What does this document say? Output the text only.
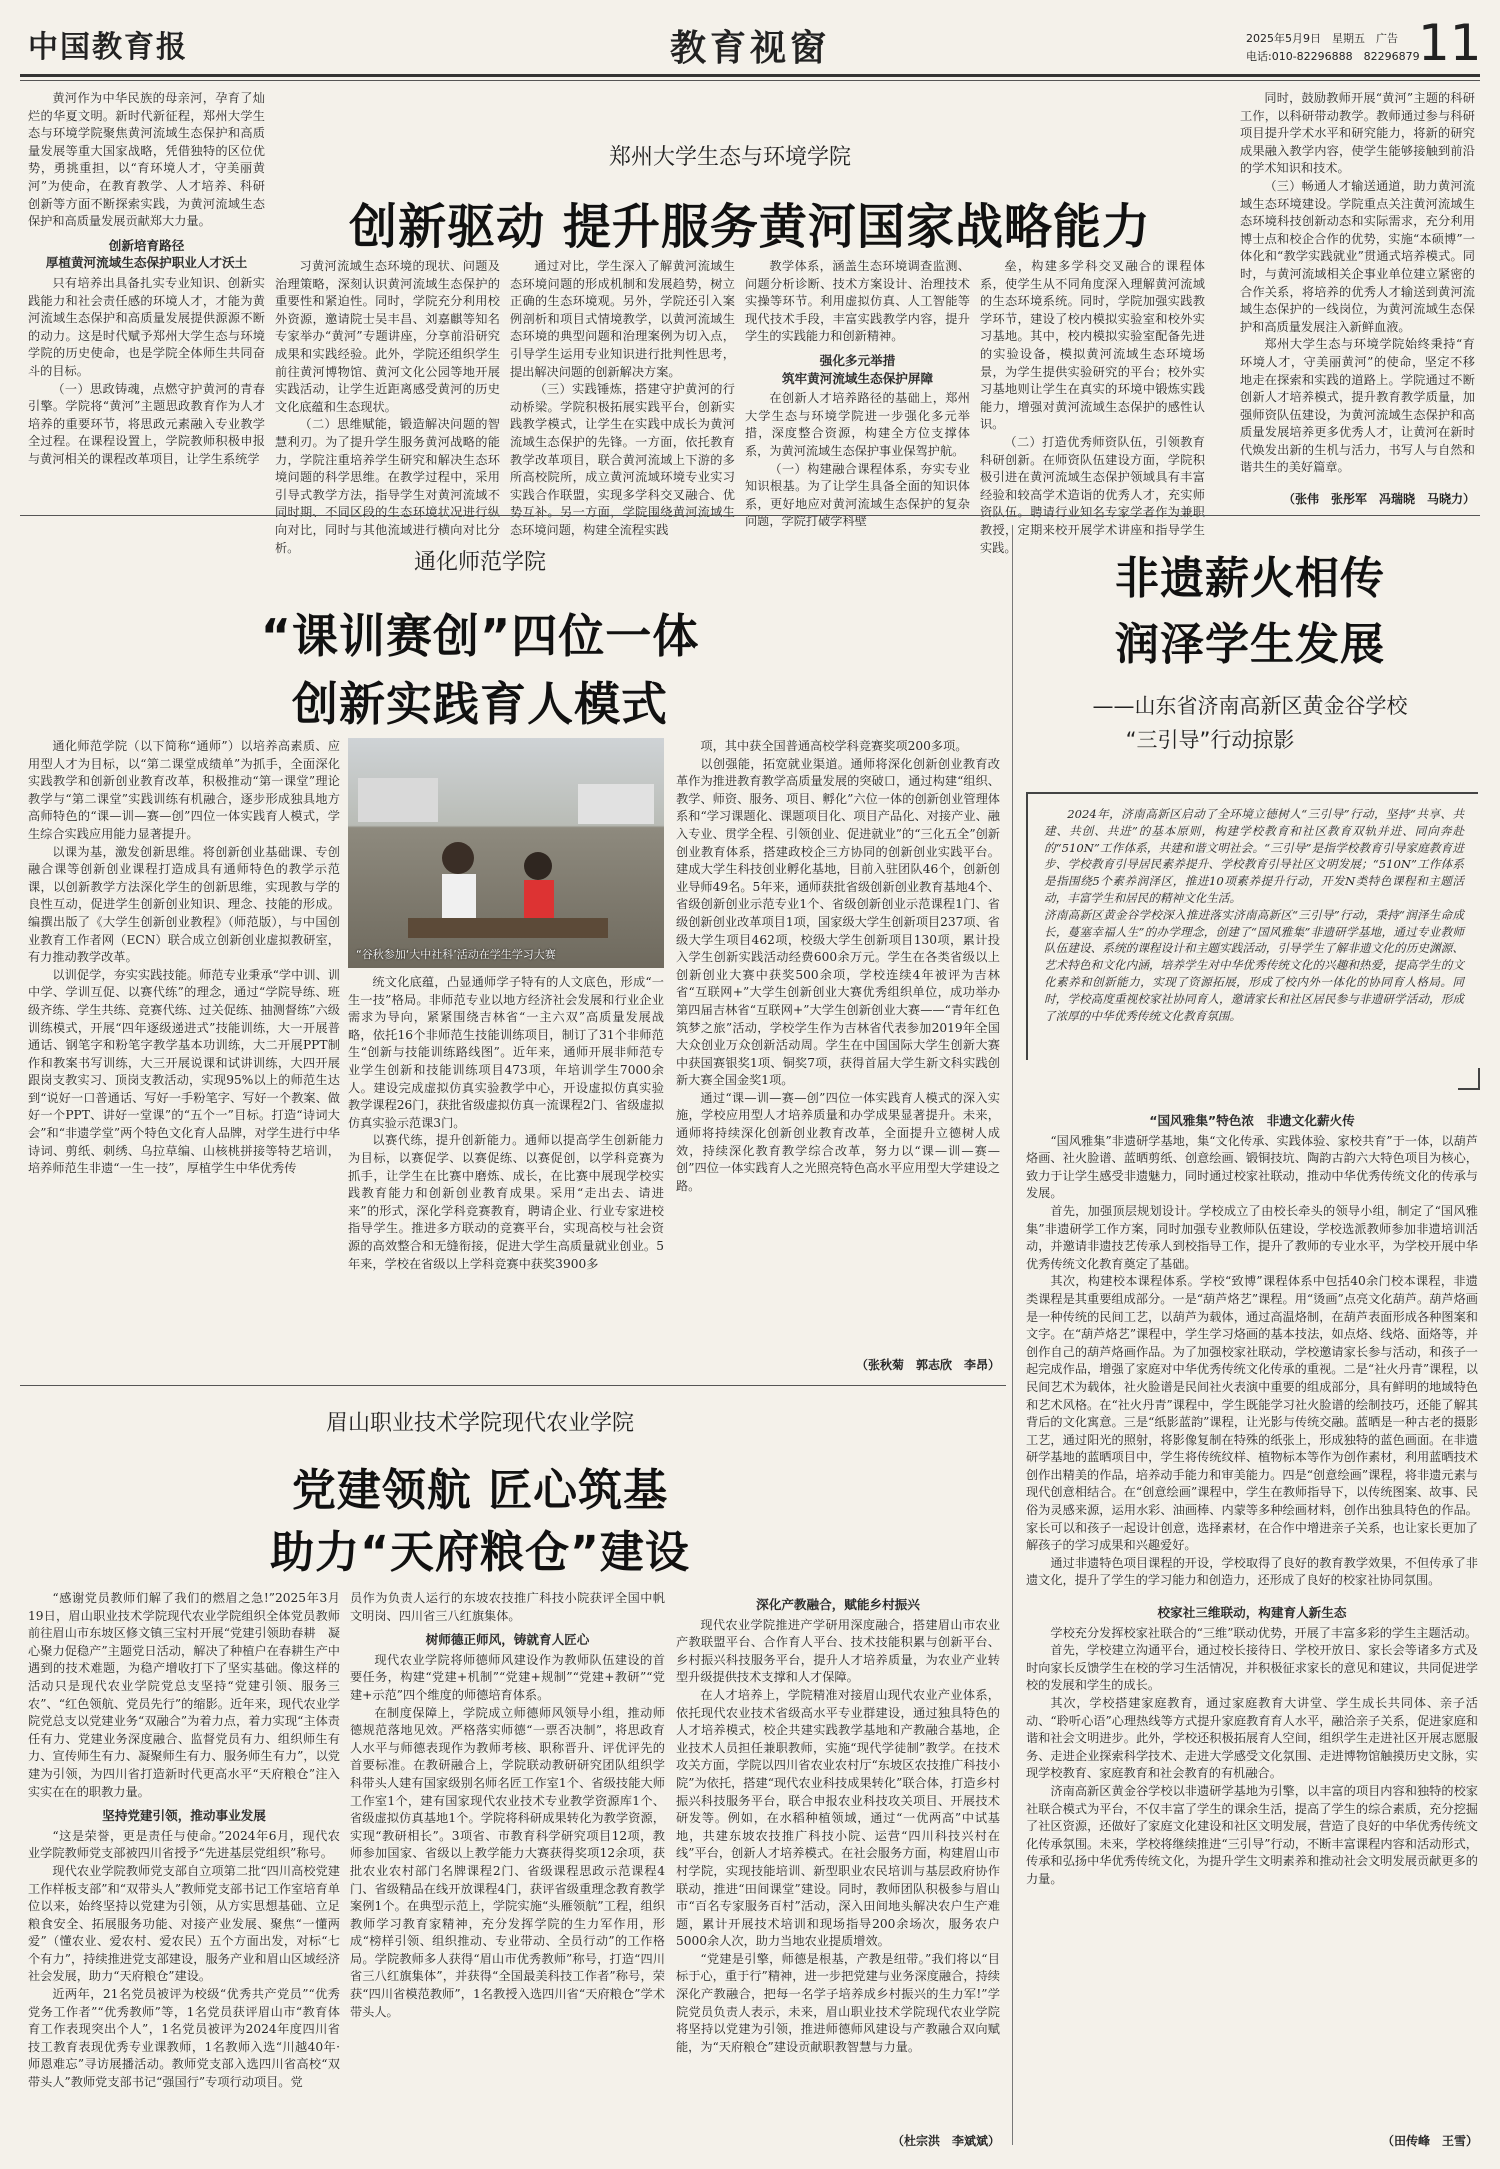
中国教育报	教育视窗	2025年5月9日　星期五　广告
电话:010-82296888　82296879
11
郑州大学生态与环境学院
创新驱动 提升服务黄河国家战略能力

黄河作为中华民族的母亲河，孕育了灿烂的华夏文明。新时代新征程，郑州大学生态与环境学院聚焦黄河流域生态保护和高质量发展等重大国家战略，凭借独特的区位优势，勇挑重担，以“育环境人才，守美丽黄河”为使命，在教育教学、人才培养、科研创新等方面不断探索实践，为黄河流域生态保护和高质量发展贡献郑大力量。

创新培育路径
厚植黄河流域生态保护职业人才沃土

只有培养出具备扎实专业知识、创新实践能力和社会责任感的环境人才，才能为黄河流域生态保护和高质量发展提供源源不断的动力。这是时代赋予郑州大学生态与环境学院的历史使命，也是学院全体师生共同奋斗的目标。

（一）思政铸魂，点燃守护黄河的青春引擎。学院将“黄河”主题思政教育作为人才培养的重要环节，将思政元素融入专业教学全过程。在课程设置上，学院教师积极申报与黄河相关的课程改革项目，让学生系统学

习黄河流域生态环境的现状、问题及治理策略，深刻认识黄河流域生态保护的重要性和紧迫性。同时，学院充分利用校外资源，邀请院士吴丰昌、刘嘉麒等知名专家举办“黄河”专题讲座，分享前沿研究成果和实践经验。此外，学院还组织学生前往黄河博物馆、黄河文化公园等地开展实践活动，让学生近距离感受黄河的历史文化底蕴和生态现状。

（二）思维赋能，锻造解决问题的智慧利刃。为了提升学生服务黄河战略的能力，学院注重培养学生研究和解决生态环境问题的科学思维。在教学过程中，采用引导式教学方法，指导学生对黄河流域不同时期、不同区段的生态环境状况进行纵向对比，同时与其他流域进行横向对比分析。

通过对比，学生深入了解黄河流域生态环境问题的形成机制和发展趋势，树立正确的生态环境观。另外，学院还引入案例剖析和项目式情境教学，以黄河流域生态环境的典型问题和治理案例为切入点，引导学生运用专业知识进行批判性思考，提出解决问题的创新解决方案。

（三）实践锤炼，搭建守护黄河的行动桥梁。学院积极拓展实践平台，创新实践教学模式，让学生在实践中成长为黄河流域生态保护的先锋。一方面，依托教育教学改革项目，联合黄河流域上下游的多所高校院所，成立黄河流域环境专业实习实践合作联盟，实现多学科交叉融合、优势互补。另一方面，学院围绕黄河流域生态环境问题，构建全流程实践

教学体系，涵盖生态环境调查监测、问题分析诊断、技术方案设计、治理技术实操等环节。利用虚拟仿真、人工智能等现代技术手段，丰富实践教学内容，提升学生的实践能力和创新精神。

强化多元举措
筑牢黄河流域生态保护屏障

在创新人才培养路径的基础上，郑州大学生态与环境学院进一步强化多元举措，深度整合资源，构建全方位支撑体系，为黄河流域生态保护事业保驾护航。

（一）构建融合课程体系，夯实专业知识根基。为了让学生具备全面的知识体系，更好地应对黄河流域生态保护的复杂问题，学院打破学科壁

垒，构建多学科交叉融合的课程体系，使学生从不同角度深入理解黄河流域的生态环境系统。同时，学院加强实践教学环节，建设了校内模拟实验室和校外实习基地。其中，校内模拟实验室配备先进的实验设备，模拟黄河流域生态环境场景，为学生提供实验研究的平台；校外实习基地则让学生在真实的环境中锻炼实践能力，增强对黄河流域生态保护的感性认识。

（二）打造优秀师资队伍，引领教育科研创新。在师资队伍建设方面，学院积极引进在黄河流域生态保护领域具有丰富经验和较高学术造诣的优秀人才，充实师资队伍。聘请行业知名专家学者作为兼职教授，定期来校开展学术讲座和指导学生实践。

同时，鼓励教师开展“黄河”主题的科研工作，以科研带动教学。教师通过参与科研项目提升学术水平和研究能力，将新的研究成果融入教学内容，使学生能够接触到前沿的学术知识和技术。

（三）畅通人才输送通道，助力黄河流域生态环境建设。学院重点关注黄河流域生态环境科技创新动态和实际需求，充分利用博士点和校企合作的优势，实施“本硕博”一体化和“教学实践就业”贯通式培养模式。同时，与黄河流域相关企事业单位建立紧密的合作关系，将培养的优秀人才输送到黄河流域生态保护的一线岗位，为黄河流域生态保护和高质量发展注入新鲜血液。

郑州大学生态与环境学院始终秉持“育环境人才，守美丽黄河”的使命，坚定不移地走在探索和实践的道路上。学院通过不断创新人才培养模式，提升教育教学质量，加强师资队伍建设，为黄河流域生态保护和高质量发展培养更多优秀人才，让黄河在新时代焕发出新的生机与活力，书写人与自然和谐共生的美好篇章。

（张伟　张彤军　冯瑞晓　马晓力）
通化师范学院
“课训赛创”四位一体
创新实践育人模式

通化师范学院（以下简称“通师”）以培养高素质、应用型人才为目标，以“第二课堂成绩单”为抓手，全面深化实践教学和创新创业教育改革，积极推动“第一课堂”理论教学与“第二课堂”实践训练有机融合，逐步形成独具地方高师特色的“课—训—赛—创”四位一体实践育人模式，学生综合实践应用能力显著提升。

以课为基，激发创新思维。将创新创业基础课、专创融合课等创新创业课程打造成具有通师特色的教学示范课，以创新教学方法深化学生的创新思维，实现教与学的良性互动，促进学生创新创业知识、理念、技能的形成。编撰出版了《大学生创新创业教程》（师范版），与中国创业教育工作者网（ECN）联合成立创新创业虚拟教研室，有力推动教学改革。

以训促学，夯实实践技能。师范专业秉承“学中训、训中学、学训互促、以赛代练”的理念，通过“学院导练、班级齐练、学生共练、竞赛代练、过关促练、抽测督练”六级训练模式，开展“四年逐级递进式”技能训练，大一开展普通话、钢笔字和粉笔字教学基本功训练，大二开展PPT制作和教案书写训练，大三开展说课和试讲训练，大四开展跟岗支教实习、顶岗支教活动，实现95%以上的师范生达到“说好一口普通话、写好一手粉笔字、写好一个教案、做好一个PPT、讲好一堂课”的“五个一”目标。打造“诗词大会”和“非遗学堂”两个特色文化育人品牌，对学生进行中华诗词、剪纸、刺绣、乌拉草编、山核桃拼接等特艺培训，培养师范生非遗“一生一技”，厚植学生中华优秀传

“谷秋参加‘大中社科’活动在学生学习大赛

统文化底蕴，凸显通师学子特有的人文底色，形成“一生一技”格局。非师范专业以地方经济社会发展和行业企业需求为导向，紧紧围绕吉林省“一主六双”高质量发展战略，依托16个非师范生技能训练项目，制订了31个非师范生“创新与技能训练路线图”。近年来，通师开展非师范专业学生创新和技能训练项目473项，年培训学生7000余人。建设完成虚拟仿真实验教学中心，开设虚拟仿真实验教学课程26门，获批省级虚拟仿真一流课程2门、省级虚拟仿真实验示范课3门。

以赛代练，提升创新能力。通师以提高学生创新能力为目标，以赛促学、以赛促练、以赛促创，以学科竞赛为抓手，让学生在比赛中磨炼、成长，在比赛中展现学校实践教育能力和创新创业教育成果。采用“走出去、请进来”的形式，深化学科竞赛教育，聘请企业、行业专家进校指导学生。推进多方联动的竞赛平台，实现高校与社会资源的高效整合和无缝衔接，促进大学生高质量就业创业。5年来，学校在省级以上学科竞赛中获奖3900多

项，其中获全国普通高校学科竞赛奖项200多项。

以创强能，拓宽就业渠道。通师将深化创新创业教育改革作为推进教育教学高质量发展的突破口，通过构建“组织、教学、师资、服务、项目、孵化”六位一体的创新创业管理体系和“学习课题化、课题项目化、项目产品化、对接产业、融入专业、贯学全程、引领创业、促进就业”的“三化五全”创新创业教育体系，搭建政校企三方协同的创新创业实践平台。建成大学生科技创业孵化基地，目前入驻团队46个，创新创业导师49名。5年来，通师获批省级创新创业教育基地4个、省级创新创业示范专业1个、省级创新创业示范课程1门、省级创新创业改革项目1项，国家级大学生创新项目237项、省级大学生项目462项，校级大学生创新项目130项，累计投入学生创新实践活动经费600余万元。学生在各类省级以上创新创业大赛中获奖500余项，学校连续4年被评为吉林省“互联网+”大学生创新创业大赛优秀组织单位，成功举办第四届吉林省“互联网+”大学生创新创业大赛——“青年红色筑梦之旅”活动，学校学生作为吉林省代表参加2019年全国大众创业万众创新活动周。学生在中国国际大学生创新大赛中获国赛银奖1项、铜奖7项，获得首届大学生新文科实践创新大赛全国金奖1项。

通过“课—训—赛—创”四位一体实践育人模式的深入实施，学校应用型人才培养质量和办学成果显著提升。未来，通师将持续深化创新创业教育改革，全面提升立德树人成效，持续深化教育教学综合改革，努力以“课—训—赛—创”四位一体实践育人之光照亮特色高水平应用型大学建设之路。

（张秋菊　郭志欣　李昂）
非遗薪火相传
润泽学生发展
——山东省济南高新区黄金谷学校
“三引导”行动掠影
2024年，济南高新区启动了全环境立德树人“三引导”行动，坚持“共享、共建、共创、共进”的基本原则，构建学校教育和社区教育双轨并进、同向奔赴的“510N”工作体系，共建和谐文明社会。“三引导”是指学校教育引导家庭教育进步、学校教育引导居民素养提升、学校教育引导社区文明发展；“510N”工作体系是指围绕5个素养润泽区，推进10项素养提升行动，开发N类特色课程和主题活动，丰富学生和居民的精神文化生活。
济南高新区黄金谷学校深入推进落实济南高新区“三引导”行动，秉持“润泽生命成长，蔓塞幸福人生”的办学理念，创建了“国风雅集”非遗研学基地，通过专业教师队伍建设、系统的课程设计和主题实践活动，引导学生了解非遗文化的历史渊源、艺术特色和文化内涵，培养学生对中华优秀传统文化的兴趣和热爱，提高学生的文化素养和创新能力，实现了资源拓展，形成了校内外一体化的协同育人格局。同时，学校高度重视校家社协同育人，邀请家长和社区居民参与非遗研学活动，形成了浓厚的中华优秀传统文化教育氛围。
“国风雅集”特色浓　非遗文化薪火传

“国风雅集”非遗研学基地，集“文化传承、实践体验、家校共育”于一体，以葫芦烙画、社火脸谱、蓝晒剪纸、创意绘画、锻铜技坑、陶韵古韵六大特色项目为核心，致力于让学生感受非遗魅力，同时通过校家社联动，推动中华优秀传统文化的传承与发展。

首先，加强顶层规划设计。学校成立了由校长牵头的领导小组，制定了“国风雅集”非遗研学工作方案，同时加强专业教师队伍建设，学校选派教师参加非遗培训活动，并邀请非遗技艺传承人到校指导工作，提升了教师的专业水平，为学校开展中华优秀传统文化教育奠定了基础。

其次，构建校本课程体系。学校“致博”课程体系中包括40余门校本课程，非遗类课程是其重要组成部分。一是“葫芦烙艺”课程。用“烫画”点亮文化葫芦。葫芦烙画是一种传统的民间工艺，以葫芦为载体，通过高温烙制，在葫芦表面形成各种图案和文字。在“葫芦烙艺”课程中，学生学习烙画的基本技法，如点烙、线烙、面烙等，并创作自己的葫芦烙画作品。为了加强校家社联动，学校邀请家长参与活动，和孩子一起完成作品，增强了家庭对中华优秀传统文化传承的重视。二是“社火丹青”课程，以民间艺术为载体，社火脸谱是民间社火表演中重要的组成部分，具有鲜明的地域特色和艺术风格。在“社火丹青”课程中，学生既能学习社火脸谱的绘制技巧，还能了解其背后的文化寓意。三是“纸影蓝韵”课程，让光影与传统交融。蓝晒是一种古老的摄影工艺，通过阳光的照射，将影像复制在特殊的纸张上，形成独特的蓝色画面。在非遗研学基地的蓝晒项目中，学生将传统纹样、植物标本等作为创作素材，利用蓝晒技术创作出精美的作品，培养动手能力和审美能力。四是“创意绘画”课程，将非遗元素与现代创意相结合。在“创意绘画”课程中，学生在教师指导下，以传统图案、故事、民俗为灵感来源，运用水彩、油画棒、内蒙等多种绘画材料，创作出独具特色的作品。家长可以和孩子一起设计创意，选择素材，在合作中增进亲子关系，也让家长更加了解孩子的学习成果和兴趣爱好。

通过非遗特色项目课程的开设，学校取得了良好的教育教学效果，不但传承了非遗文化，提升了学生的学习能力和创造力，还形成了良好的校家社协同氛围。

校家社三维联动，构建育人新生态

学校充分发挥校家社联合的“三维”联动优势，开展了丰富多彩的学生主题活动。

首先，学校建立沟通平台，通过校长接待日、学校开放日、家长会等诸多方式及时向家长反馈学生在校的学习生活情况，并积极征求家长的意见和建议，共同促进学校的发展和学生的成长。

其次，学校搭建家庭教育，通过家庭教育大讲堂、学生成长共同体、亲子活动、“聆听心语”心理热线等方式提升家庭教育育人水平，融洽亲子关系，促进家庭和谐和社会文明进步。此外，学校还积极拓展育人空间，组织学生走进社区开展志愿服务、走进企业探索科学技术、走进大学感受文化氛围、走进博物馆触摸历史文脉，实现学校教育、家庭教育和社会教育的有机融合。

济南高新区黄金谷学校以非遗研学基地为引擎，以丰富的项目内容和独特的校家社联合模式为平台，不仅丰富了学生的课余生活，提高了学生的综合素质，充分挖掘了社区资源，还做好了家庭文化建设和社区文明发展，营造了良好的中华优秀传统文化传承氛围。未来，学校将继续推进“三引导”行动，不断丰富课程内容和活动形式，传承和弘扬中华优秀传统文化，为提升学生文明素养和推动社会文明发展贡献更多的力量。

（田传峰　王雪）
眉山职业技术学院现代农业学院
党建领航 匠心筑基
助力“天府粮仓”建设

“感谢党员教师们解了我们的燃眉之急!”2025年3月19日，眉山职业技术学院现代农业学院组织全体党员教师前往眉山市东坡区修文镇三宝村开展“党建引领助春耕　凝心聚力促稳产”主题党日活动，解决了种植户在春耕生产中遇到的技术难题，为稳产增收打下了坚实基础。像这样的活动只是现代农业学院党总支坚持“党建引领、服务三农”、“红色领航、党员先行”的缩影。近年来，现代农业学院党总支以党建业务“双融合”为着力点，着力实现“主体责任有力、党建业务深度融合、监督党员有力、组织师生有力、宣传师生有力、凝聚师生有力、服务师生有力”，以党建为引领，为四川省打造新时代更高水平“天府粮仓”注入实实在在的职教力量。

坚持党建引领，推动事业发展

“这是荣誉，更是责任与使命。”2024年6月，现代农业学院教师党支部被四川省授予“先进基层党组织”称号。

现代农业学院教师党支部自立项第二批“四川高校党建工作样板支部”和“双带头人”教师党支部书记工作室培育单位以来，始终坚持以党建为引领，从方实思想基础、立足粮食安全、拓展服务功能、对接产业发展、聚焦“一懂两爱”（懂农业、爱农村、爱农民）五个方面出发，对标“七个有力”，持续推进党支部建设，服务产业和眉山区域经济社会发展，助力“天府粮仓”建设。

近两年，21名党员被评为校级“优秀共产党员”“优秀党务工作者”“优秀教师”等，1名党员获评眉山市“教育体育工作表现突出个人”，1名党员被评为2024年度四川省技工教育表现优秀专业课教师，1名教师入选“川越40年·师恩难忘”寻访展播活动。教师党支部入选四川省高校“双带头人”教师党支部书记“强国行”专项行动项目。党

员作为负责人运行的东坡农技推广科技小院获评全国中帆文明岗、四川省三八红旗集体。

树师德正师风，铸就育人匠心

现代农业学院将师德师风建设作为教师队伍建设的首要任务，构建“党建+机制”“党建+规制”“党建+教研”“党建+示范”四个维度的师德培育体系。

在制度保障上，学院成立师德师风领导小组，推动师德规范落地见效。严格落实师德“一票否决制”，将思政育人水平与师德表现作为教师考核、职称晋升、评优评先的首要标准。在教研融合上，学院联动教研研究团队组织学科带头人建有国家级别名师名匠工作室1个、省级技能大师工作室1个，建有国家现代农业技术专业教学资源库1个、省级虚拟仿真基地1个。学院将科研成果转化为教学资源，实现“教研相长”。3项省、市教育科学研究项目12项，教师参加国家、省级以上教学能力大赛获得奖项12余项，获批农业农村部门名牌课程2门、省级课程思政示范课程4门、省级精品在线开放课程4门，获评省级重理念教育教学案例1个。在典型示范上，学院实施“头雁领航”工程，组织教师学习教育家精神，充分发挥学院的生力军作用，形成“榜样引领、组织推动、专业带动、全员行动”的工作格局。学院教师多人获得“眉山市优秀教师”称号，打造“四川省三八红旗集体”，并获得“全国最美科技工作者”称号，荣获“四川省模范教师”，1名教授入选四川省“天府粮仓”学术带头人。

深化产教融合，赋能乡村振兴

现代农业学院推进产学研用深度融合，搭建眉山市农业产教联盟平台、合作育人平台、技术技能积累与创新平台、乡村振兴科技服务平台，提升人才培养质量，为农业产业转型升级提供技术支撑和人才保障。

在人才培养上，学院精准对接眉山现代农业产业体系，依托现代农业技术省级高水平专业群建设，通过独具特色的人才培养模式，校企共建实践教学基地和产教融合基地，企业技术人员担任兼职教师，实施“现代学徒制”教学。在技术攻关方面，学院以四川省农业农村厅“东坡区农技推广科技小院”为依托，搭建“现代农业科技成果转化”联合体，打造乡村振兴科技服务平台，联合申报农业科技攻关项目、开展技术研发等。例如，在水稻种植领域，通过“一优两高”中试基地，共建东坡农技推广科技小院、运营“四川科技兴村在线”平台，创新人才培养模式。在社会服务方面，构建眉山市村学院，实现技能培训、新型职业农民培训与基层政府协作联动，推进“田间课堂”建设。同时，教师团队积极参与眉山市“百名专家服务百村”活动，深入田间地头解决农户生产难题，累计开展技术培训和现场指导200余场次，服务农户5000余人次，助力当地农业提质增效。

“党建是引擎，师德是根基，产教是纽带。”我们将以“目标于心，重于行”精神，进一步把党建与业务深度融合，持续深化产教融合，把每一名学子培养成乡村振兴的生力军!”学院党员负责人表示，未来，眉山职业技术学院现代农业学院将坚持以党建为引领，推进师德师风建设与产教融合双向赋能，为“天府粮仓”建设贡献职教智慧与力量。

（杜宗洪　李斌斌）
